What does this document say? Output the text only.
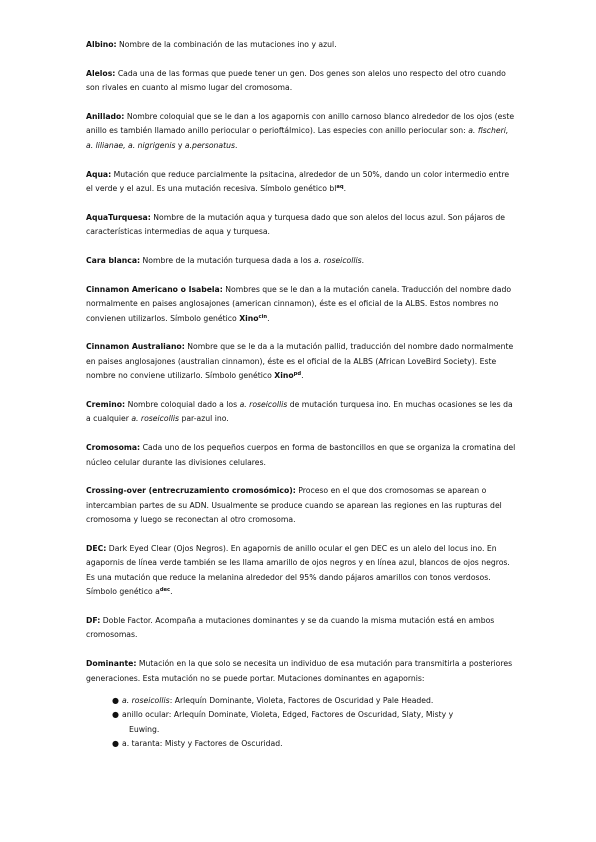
Albino: Nombre de la combinación de las mutaciones ino y azul.

Alelos: Cada una de las formas que puede tener un gen. Dos genes son alelos uno respecto del otro cuando son rivales en cuanto al mismo lugar del cromosoma.

Anillado: Nombre coloquial que se le dan a los agapornis con anillo carnoso blanco alrededor de los ojos (este anillo es también llamado anillo periocular o perioftálmico). Las especies con anillo periocular son: a. fischeri, a. lilianae, a. nigrigenis y a.personatus.

Aqua: Mutación que reduce parcialmente la psitacina, alrededor de un 50%, dando un color intermedio entre el verde y el azul. Es una mutación recesiva. Símbolo genético $bl^{aq}$.

AquaTurquesa: Nombre de la mutación aqua y turquesa dado que son alelos del locus azul. Son pájaros de características intermedias de aqua y turquesa.

Cara blanca: Nombre de la mutación turquesa dada a los a. roseicollis.

Cinnamon Americano o Isabela: Nombres que se le dan a la mutación canela. Traducción del nombre dado normalmente en paises anglosajones (american cinnamon), éste es el oficial de la ALBS. Estos nombres no convienen utilizarlos. Símbolo genético Xino$^{cin}$.

Cinnamon Australiano: Nombre que se le da a la mutación pallid, traducción del nombre dado normalmente en paises anglosajones (australian cinnamon), éste es el oficial de la ALBS (African LoveBird Society). Este nombre no conviene utilizarlo. Símbolo genético Xino$^{pd}$.

Cremino: Nombre coloquial dado a los a. roseicollis de mutación turquesa ino. En muchas ocasiones se les da a cualquier a. roseicollis par-azul ino.

Cromosoma: Cada uno de los pequeños cuerpos en forma de bastoncillos en que se organiza la cromatina del núcleo celular durante las divisiones celulares.

Crossing-over (entrecruzamiento cromosómico): Proceso en el que dos cromosomas se aparean o intercambian partes de su ADN. Usualmente se produce cuando se aparean las regiones en las rupturas del cromosoma y luego se reconectan al otro cromosoma.

DEC: Dark Eyed Clear (Ojos Negros). En agapornis de anillo ocular el gen DEC es un alelo del locus ino. En agapornis de línea verde también se les llama amarillo de ojos negros y en línea azul, blancos de ojos negros. Es una mutación que reduce la melanina alrededor del 95% dando pájaros amarillos con tonos verdosos. Símbolo genético $a^{dec}$.

DF: Doble Factor. Acompaña a mutaciones dominantes y se da cuando la misma mutación está en ambos cromosomas.

Dominante: Mutación en la que solo se necesita un individuo de esa mutación para transmitirla a posteriores generaciones. Esta mutación no se puede portar. Mutaciones dominantes en agapornis:

● a. roseicollis: Arlequín Dominante, Violeta, Factores de Oscuridad y Pale Headed.
● anillo ocular: Arlequín Dominate, Violeta, Edged, Factores de Oscuridad, Slaty, Misty y
Euwing.
● a. taranta: Misty y Factores de Oscuridad.
